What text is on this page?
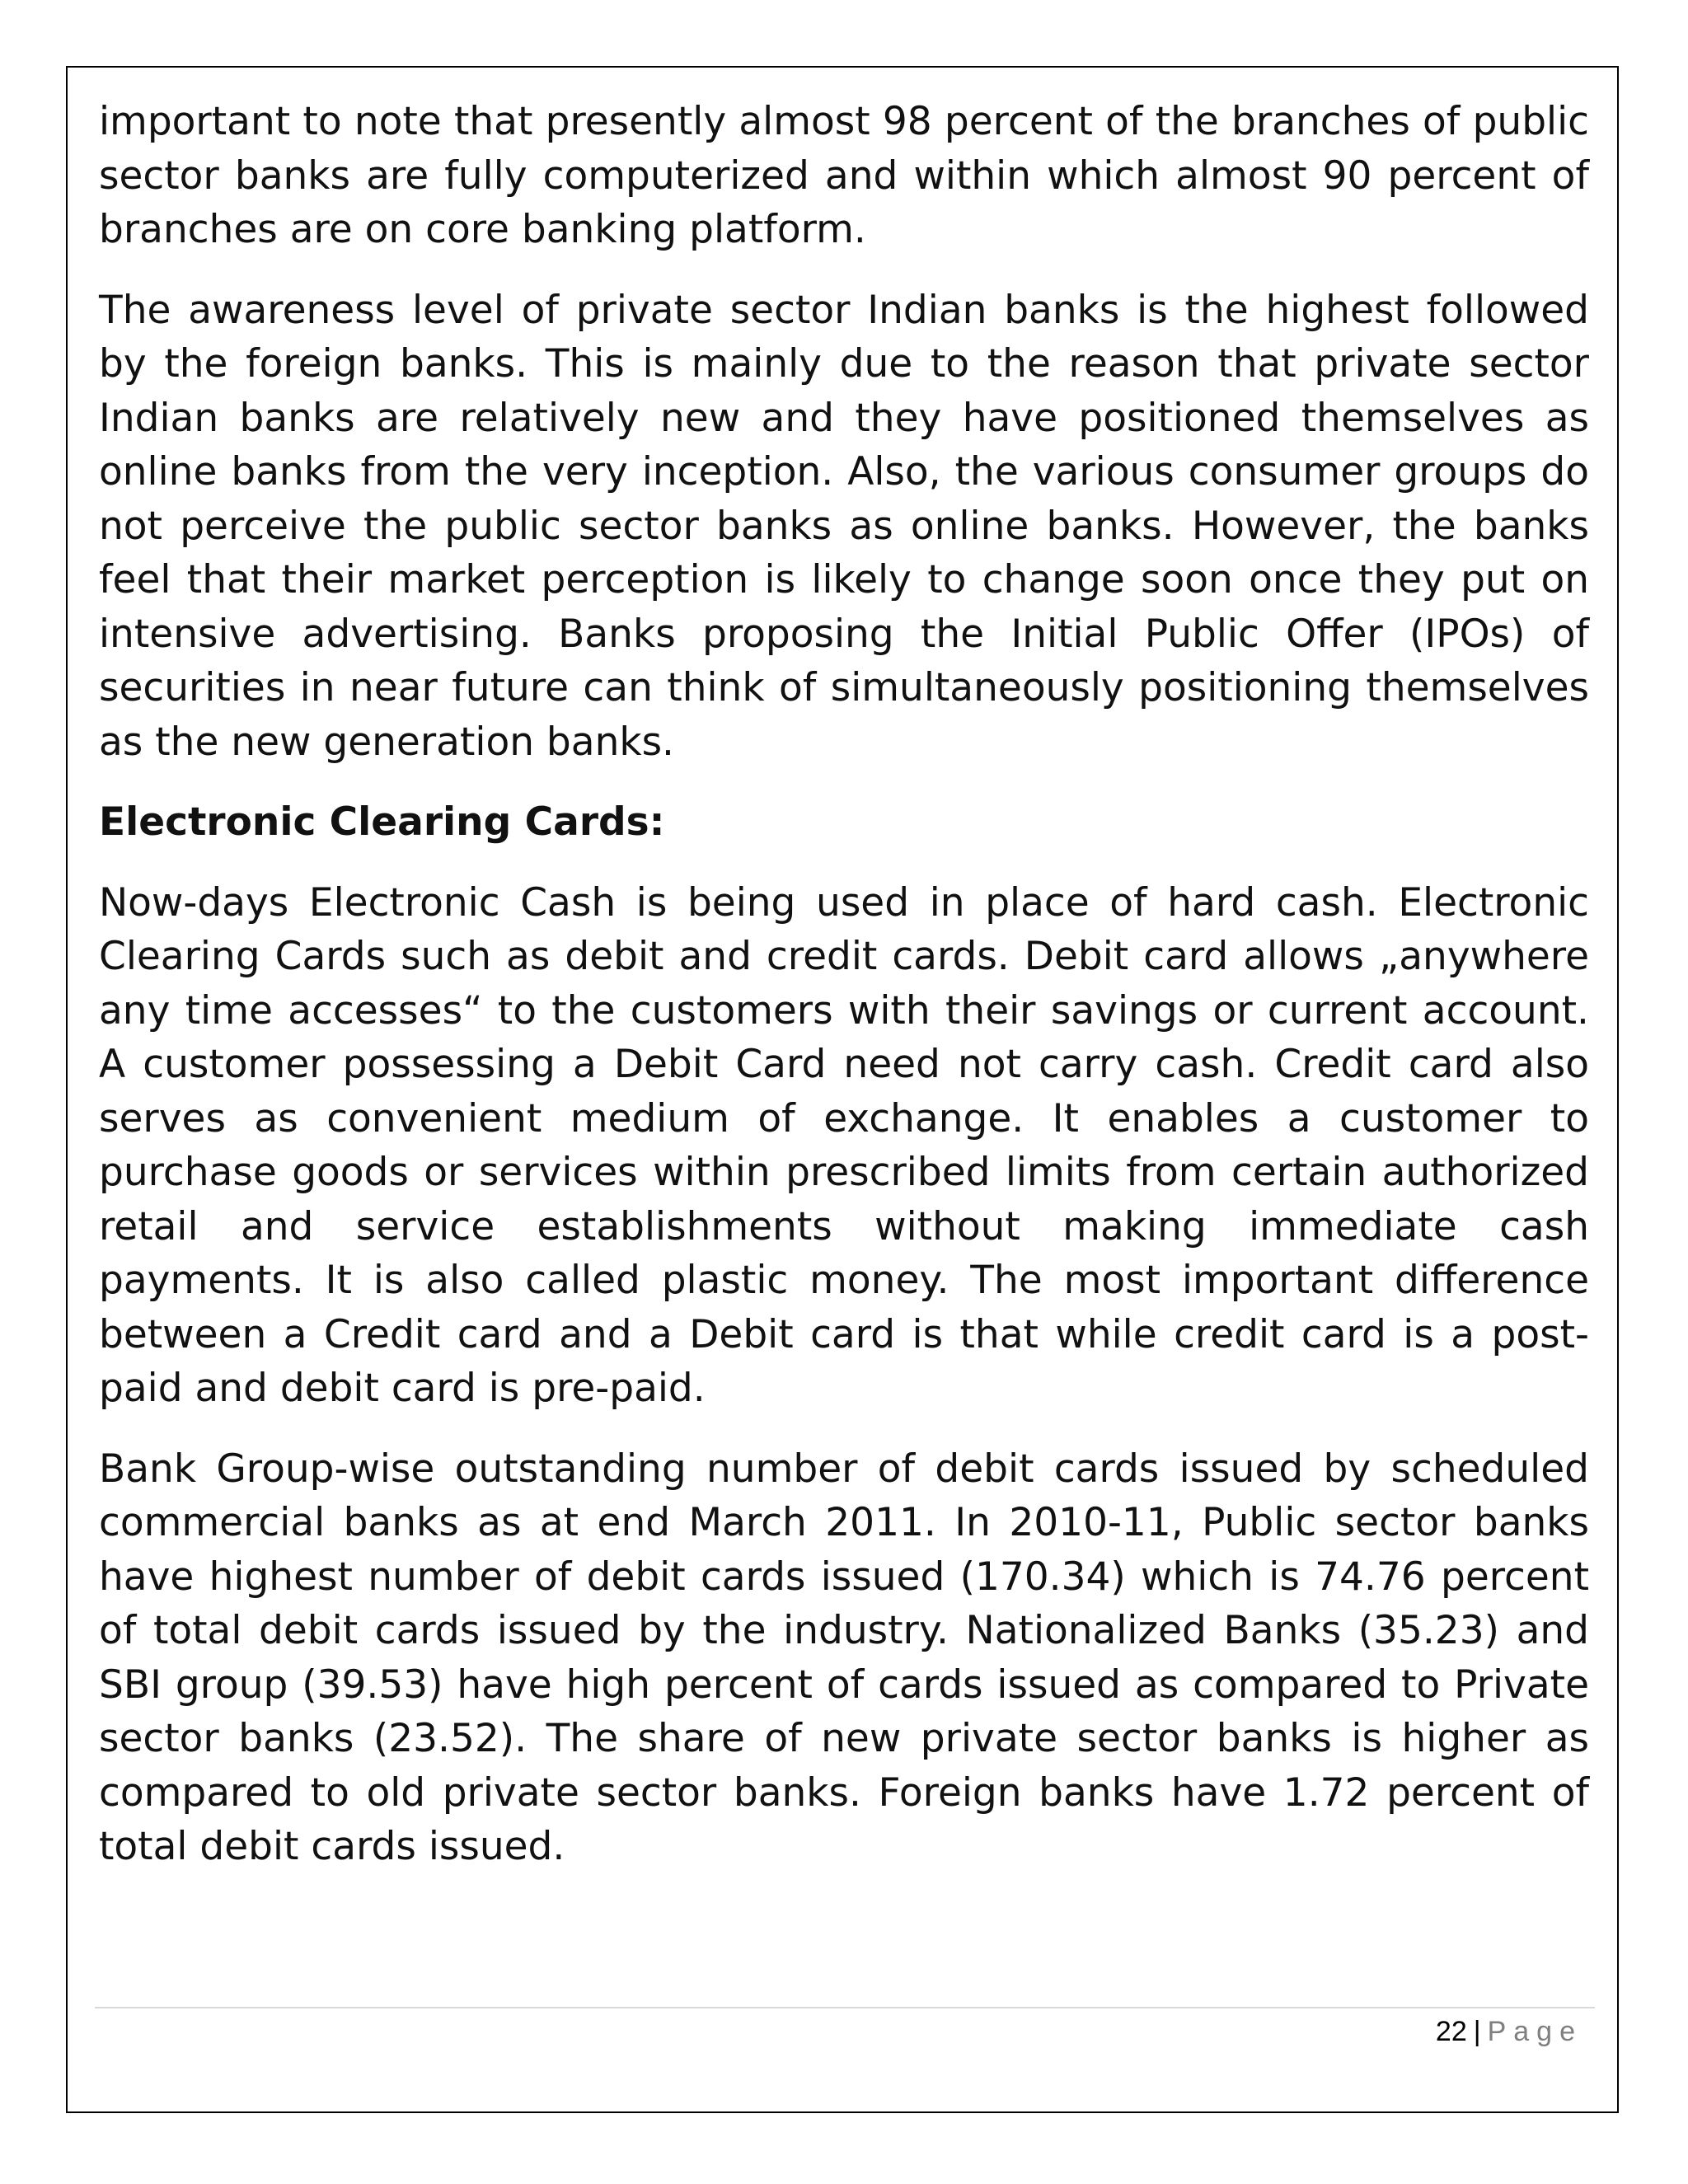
important to note that presently almost 98 percent of the branches of public sector banks are fully computerized and within which almost 90 percent of branches are on core banking platform.

The awareness level of private sector Indian banks is the highest followed by the foreign banks. This is mainly due to the reason that private sector Indian banks are relatively new and they have positioned themselves as online banks from the very inception. Also, the various consumer groups do not perceive the public sector banks as online banks. However, the banks feel that their market perception is likely to change soon once they put on intensive advertising. Banks proposing the Initial Public Offer (IPOs) of securities in near future can think of simultaneously positioning themselves as the new generation banks.

Electronic Clearing Cards:

Now-days Electronic Cash is being used in place of hard cash. Electronic Clearing Cards such as debit and credit cards. Debit card allows „anywhere any time accesses“ to the customers with their savings or current account. A customer possessing a Debit Card need not carry cash. Credit card also serves as convenient medium of exchange. It enables a customer to purchase goods or services within prescribed limits from certain authorized retail and service establishments without making immediate cash payments. It is also called plastic money. The most important difference between a Credit card and a Debit card is that while credit card is a post-paid and debit card is pre-paid.

Bank Group-wise outstanding number of debit cards issued by scheduled commercial banks as at end March 2011. In 2010-11, Public sector banks have highest number of debit cards issued (170.34) which is 74.76 percent of total debit cards issued by the industry. Nationalized Banks (35.23) and SBI group (39.53) have high percent of cards issued as compared to Private sector banks (23.52). The share of new private sector banks is higher as compared to old private sector banks. Foreign banks have 1.72 percent of total debit cards issued.

22 | Page
